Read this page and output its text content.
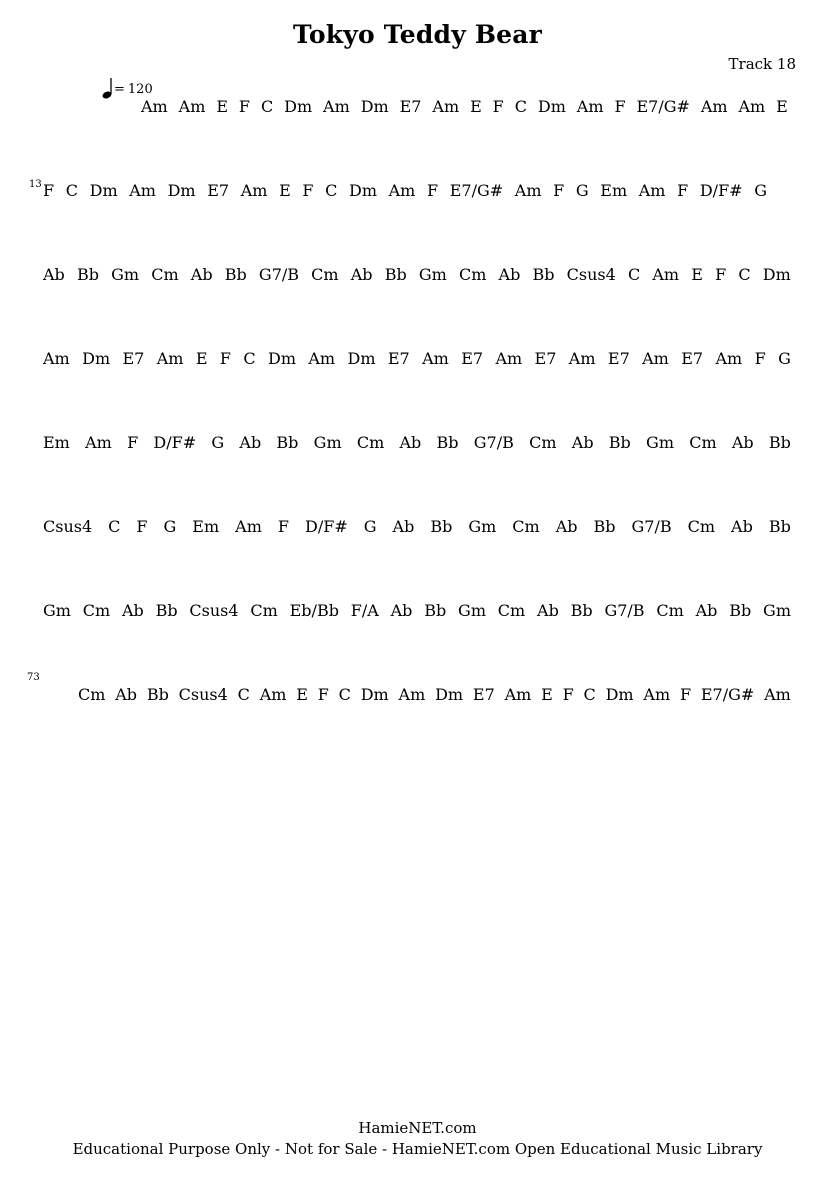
Tokyo Teddy Bear
Track 18
= 120
Am Am E F C Dm Am Dm E7 Am E F C Dm Am F E7/G# Am Am E
13 F C Dm Am Dm E7 Am E F C Dm Am F E7/G# Am F G Em Am F D/F# G
Ab Bb Gm Cm Ab Bb G7/B Cm Ab Bb Gm Cm Ab Bb Csus4 C Am E F C Dm
Am Dm E7 Am E F C Dm Am Dm E7 Am E7 Am E7 Am E7 Am E7 Am F G
Em Am F D/F# G Ab Bb Gm Cm Ab Bb G7/B Cm Ab Bb Gm Cm Ab Bb
Csus4 C F G Em Am F D/F# G Ab Bb Gm Cm Ab Bb G7/B Cm Ab Bb
Gm Cm Ab Bb Csus4 Cm Eb/Bb F/A Ab Bb Gm Cm Ab Bb G7/B Cm Ab Bb Gm
73
Cm Ab Bb Csus4 C Am E F C Dm Am Dm E7 Am E F C Dm Am F E7/G# Am
HamieNET.com
Educational Purpose Only - Not for Sale - HamieNET.com Open Educational Music Library
